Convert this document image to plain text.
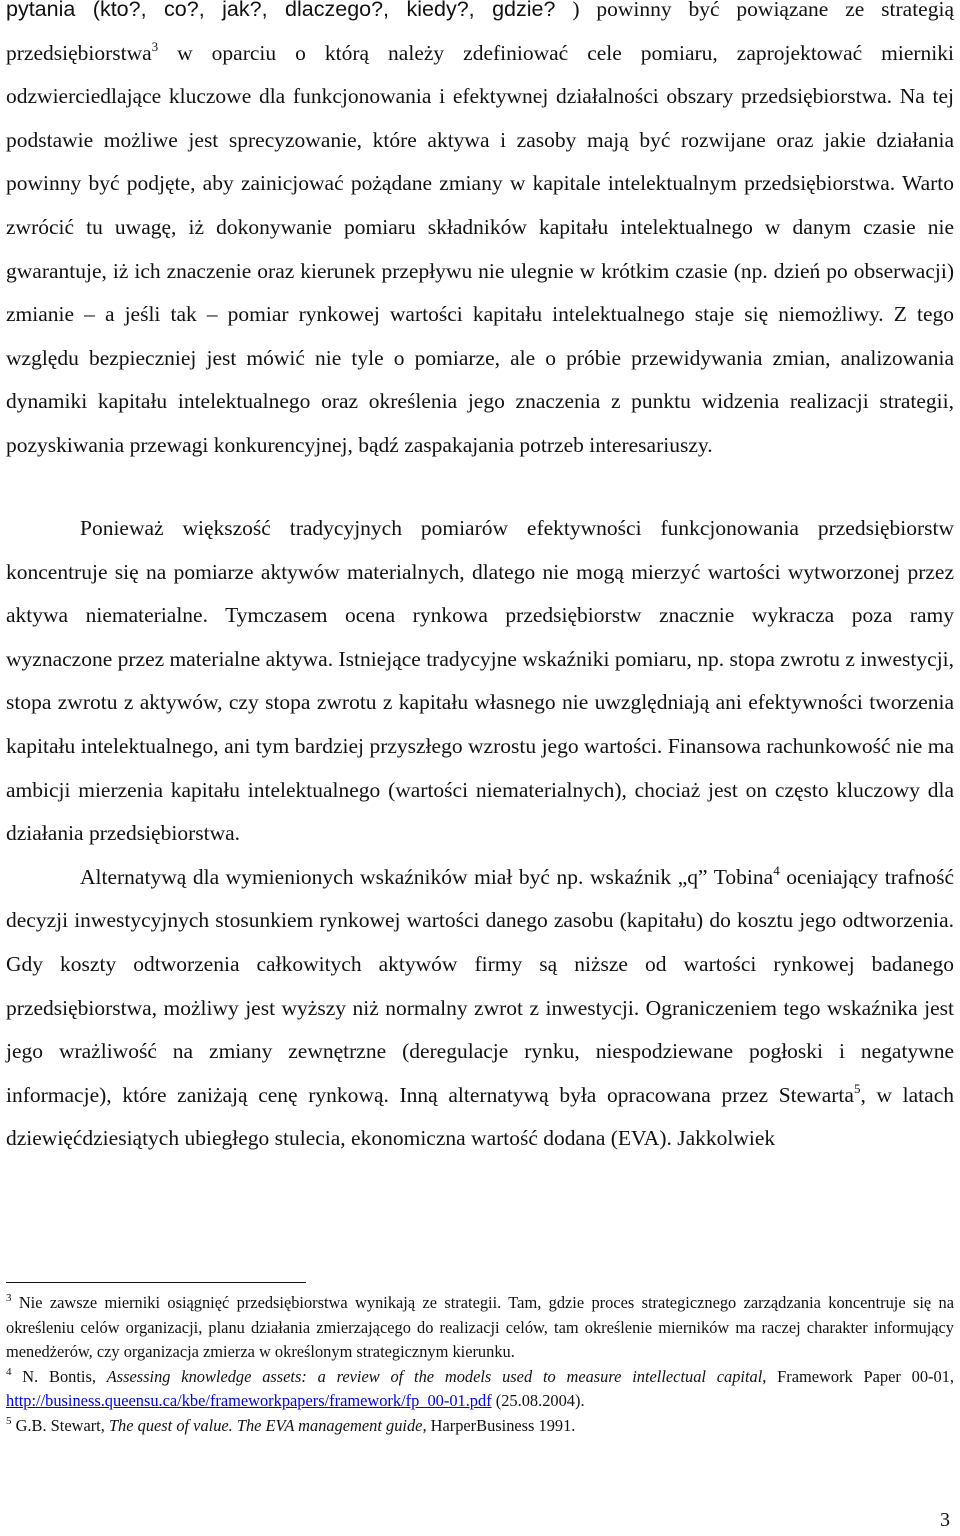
pytania (kto?, co?, jak?, dlaczego?, kiedy?, gdzie? ) powinny być powiązane ze strategią przedsiębiorstwa$^3$ w oparciu o którą należy zdefiniować cele pomiaru, zaprojektować mierniki odzwierciedlające kluczowe dla funkcjonowania i efektywnej działalności obszary przedsiębiorstwa. Na tej podstawie możliwe jest sprecyzowanie, które aktywa i zasoby mają być rozwijane oraz jakie działania powinny być podjęte, aby zainicjować pożądane zmiany w kapitale intelektualnym przedsiębiorstwa. Warto zwrócić tu uwagę, iż dokonywanie pomiaru składników kapitału intelektualnego w danym czasie nie gwarantuje, iż ich znaczenie oraz kierunek przepływu nie ulegnie w krótkim czasie (np. dzień po obserwacji) zmianie – a jeśli tak – pomiar rynkowej wartości kapitału intelektualnego staje się niemożliwy. Z tego względu bezpieczniej jest mówić nie tyle o pomiarze, ale o próbie przewidywania zmian, analizowania dynamiki kapitału intelektualnego oraz określenia jego znaczenia z punktu widzenia realizacji strategii, pozyskiwania przewagi konkurencyjnej, bądź zaspakajania potrzeb interesariuszy.

Ponieważ większość tradycyjnych pomiarów efektywności funkcjonowania przedsiębiorstw koncentruje się na pomiarze aktywów materialnych, dlatego nie mogą mierzyć wartości wytworzonej przez aktywa niematerialne. Tymczasem ocena rynkowa przedsiębiorstw znacznie wykracza poza ramy wyznaczone przez materialne aktywa. Istniejące tradycyjne wskaźniki pomiaru, np. stopa zwrotu z inwestycji, stopa zwrotu z aktywów, czy stopa zwrotu z kapitału własnego nie uwzględniają ani efektywności tworzenia kapitału intelektualnego, ani tym bardziej przyszłego wzrostu jego wartości. Finansowa rachunkowość nie ma ambicji mierzenia kapitału intelektualnego (wartości niematerialnych), chociaż jest on często kluczowy dla działania przedsiębiorstwa.

Alternatywą dla wymienionych wskaźników miał być np. wskaźnik „q” Tobina$^4$ oceniający trafność decyzji inwestycyjnych stosunkiem rynkowej wartości danego zasobu (kapitału) do kosztu jego odtworzenia. Gdy koszty odtworzenia całkowitych aktywów firmy są niższe od wartości rynkowej badanego przedsiębiorstwa, możliwy jest wyższy niż normalny zwrot z inwestycji. Ograniczeniem tego wskaźnika jest jego wrażliwość na zmiany zewnętrzne (deregulacje rynku, niespodziewane pogłoski i negatywne informacje), które zaniżają cenę rynkową. Inną alternatywą była opracowana przez Stewarta$^5$, w latach dziewięćdziesiątych ubiegłego stulecia, ekonomiczna wartość dodana (EVA). Jakkolwiek

$^3$ Nie zawsze mierniki osiągnięć przedsiębiorstwa wynikają ze strategii. Tam, gdzie proces strategicznego zarządzania koncentruje się na określeniu celów organizacji, planu działania zmierzającego do realizacji celów, tam określenie mierników ma raczej charakter informujący menedżerów, czy organizacja zmierza w określonym strategicznym kierunku.

$^4$ N. Bontis, Assessing knowledge assets: a review of the models used to measure intellectual capital, Framework Paper 00-01, http://business.queensu.ca/kbe/frameworkpapers/framework/fp_00-01.pdf (25.08.2004).

$^5$ G.B. Stewart, The quest of value. The EVA management guide, HarperBusiness 1991.

3
